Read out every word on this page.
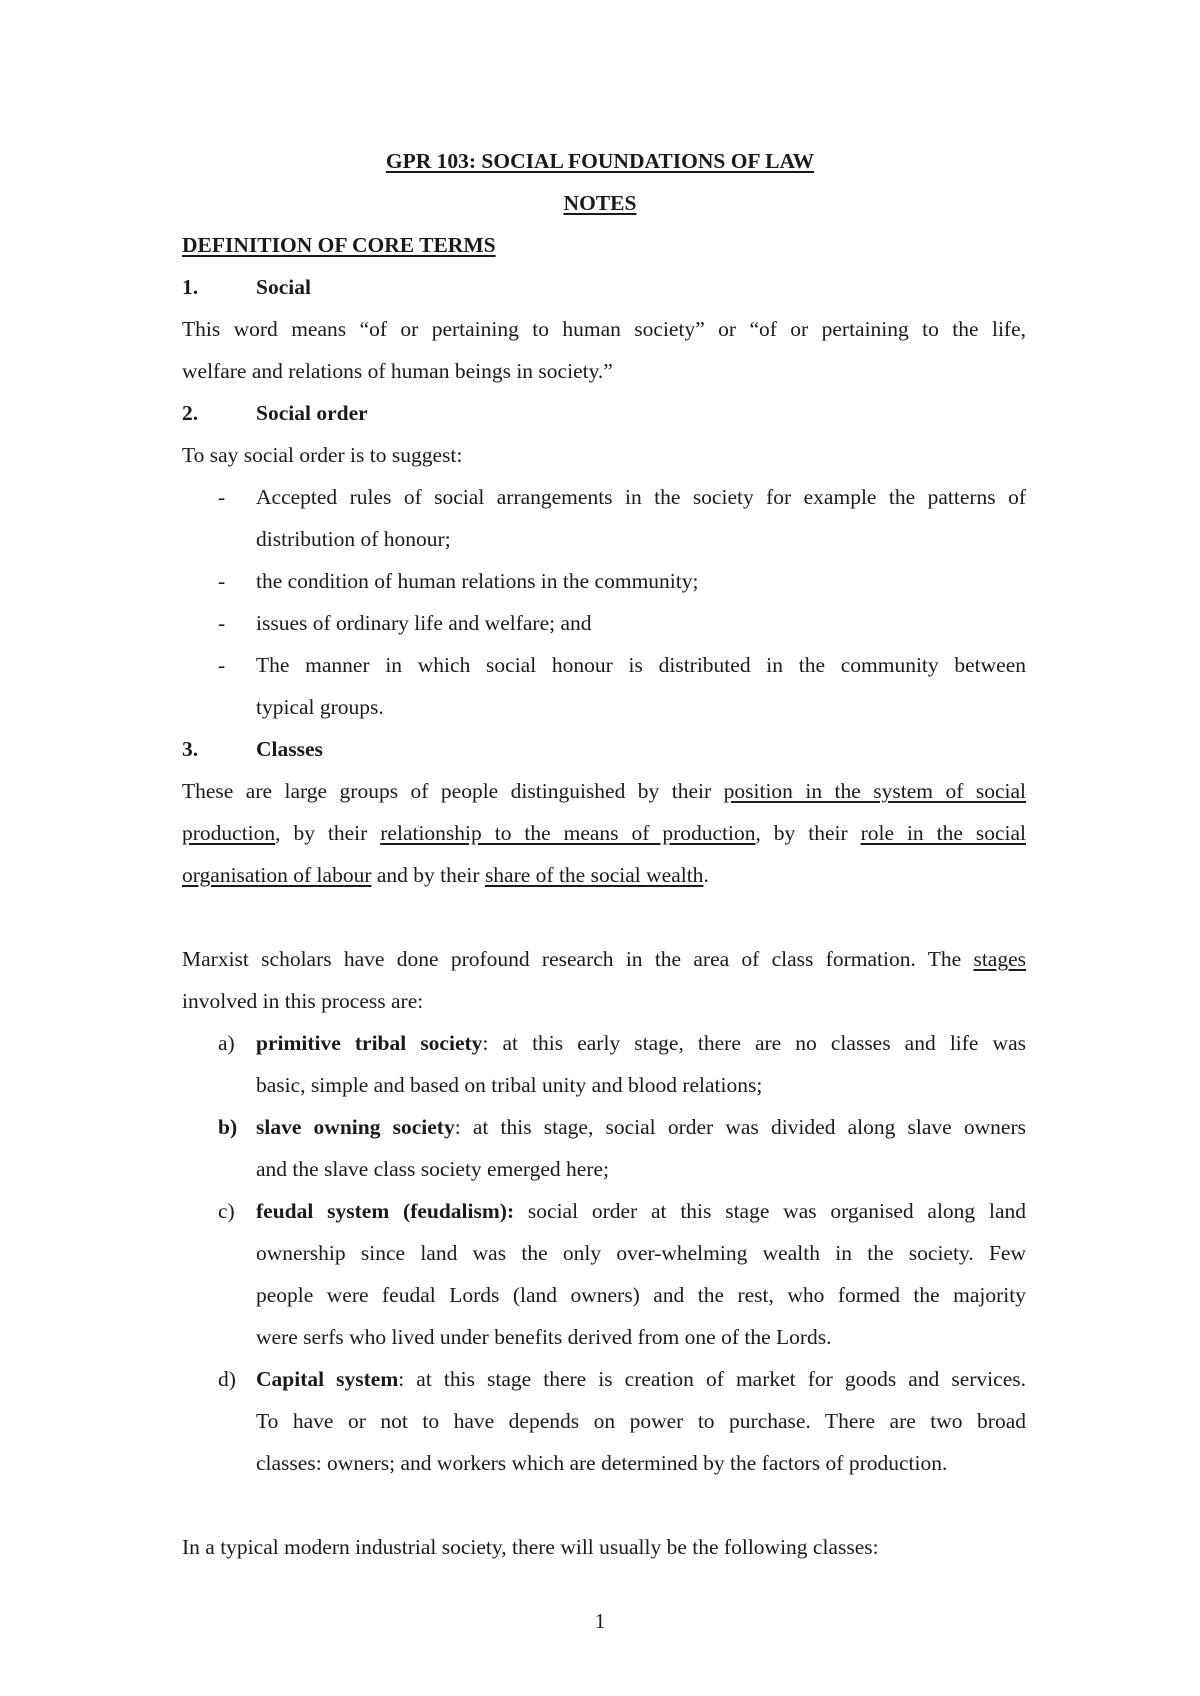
GPR 103: SOCIAL FOUNDATIONS OF LAW
NOTES
DEFINITION OF CORE TERMS
1.	Social
This word means “of or pertaining to human society” or “of or pertaining to the life,
welfare and relations of human beings in society.”
2.	Social order
To say social order is to suggest:
- Accepted rules of social arrangements in the society for example the patterns of
distribution of honour;
- the condition of human relations in the community;
- issues of ordinary life and welfare; and
- The manner in which social honour is distributed in the community between
typical groups.
3.	Classes
These are large groups of people distinguished by their position in the system of social
production, by their relationship to the means of production, by their role in the social
organisation of labour and by their share of the social wealth.
Marxist scholars have done profound research in the area of class formation. The stages
involved in this process are:
a) primitive tribal society: at this early stage, there are no classes and life was
basic, simple and based on tribal unity and blood relations;
b) slave owning society: at this stage, social order was divided along slave owners
and the slave class society emerged here;
c) feudal system (feudalism): social order at this stage was organised along land
ownership since land was the only over-whelming wealth in the society. Few
people were feudal Lords (land owners) and the rest, who formed the majority
were serfs who lived under benefits derived from one of the Lords.
d) Capital system: at this stage there is creation of market for goods and services.
To have or not to have depends on power to purchase. There are two broad
classes: owners; and workers which are determined by the factors of production.
In a typical modern industrial society, there will usually be the following classes:
1
